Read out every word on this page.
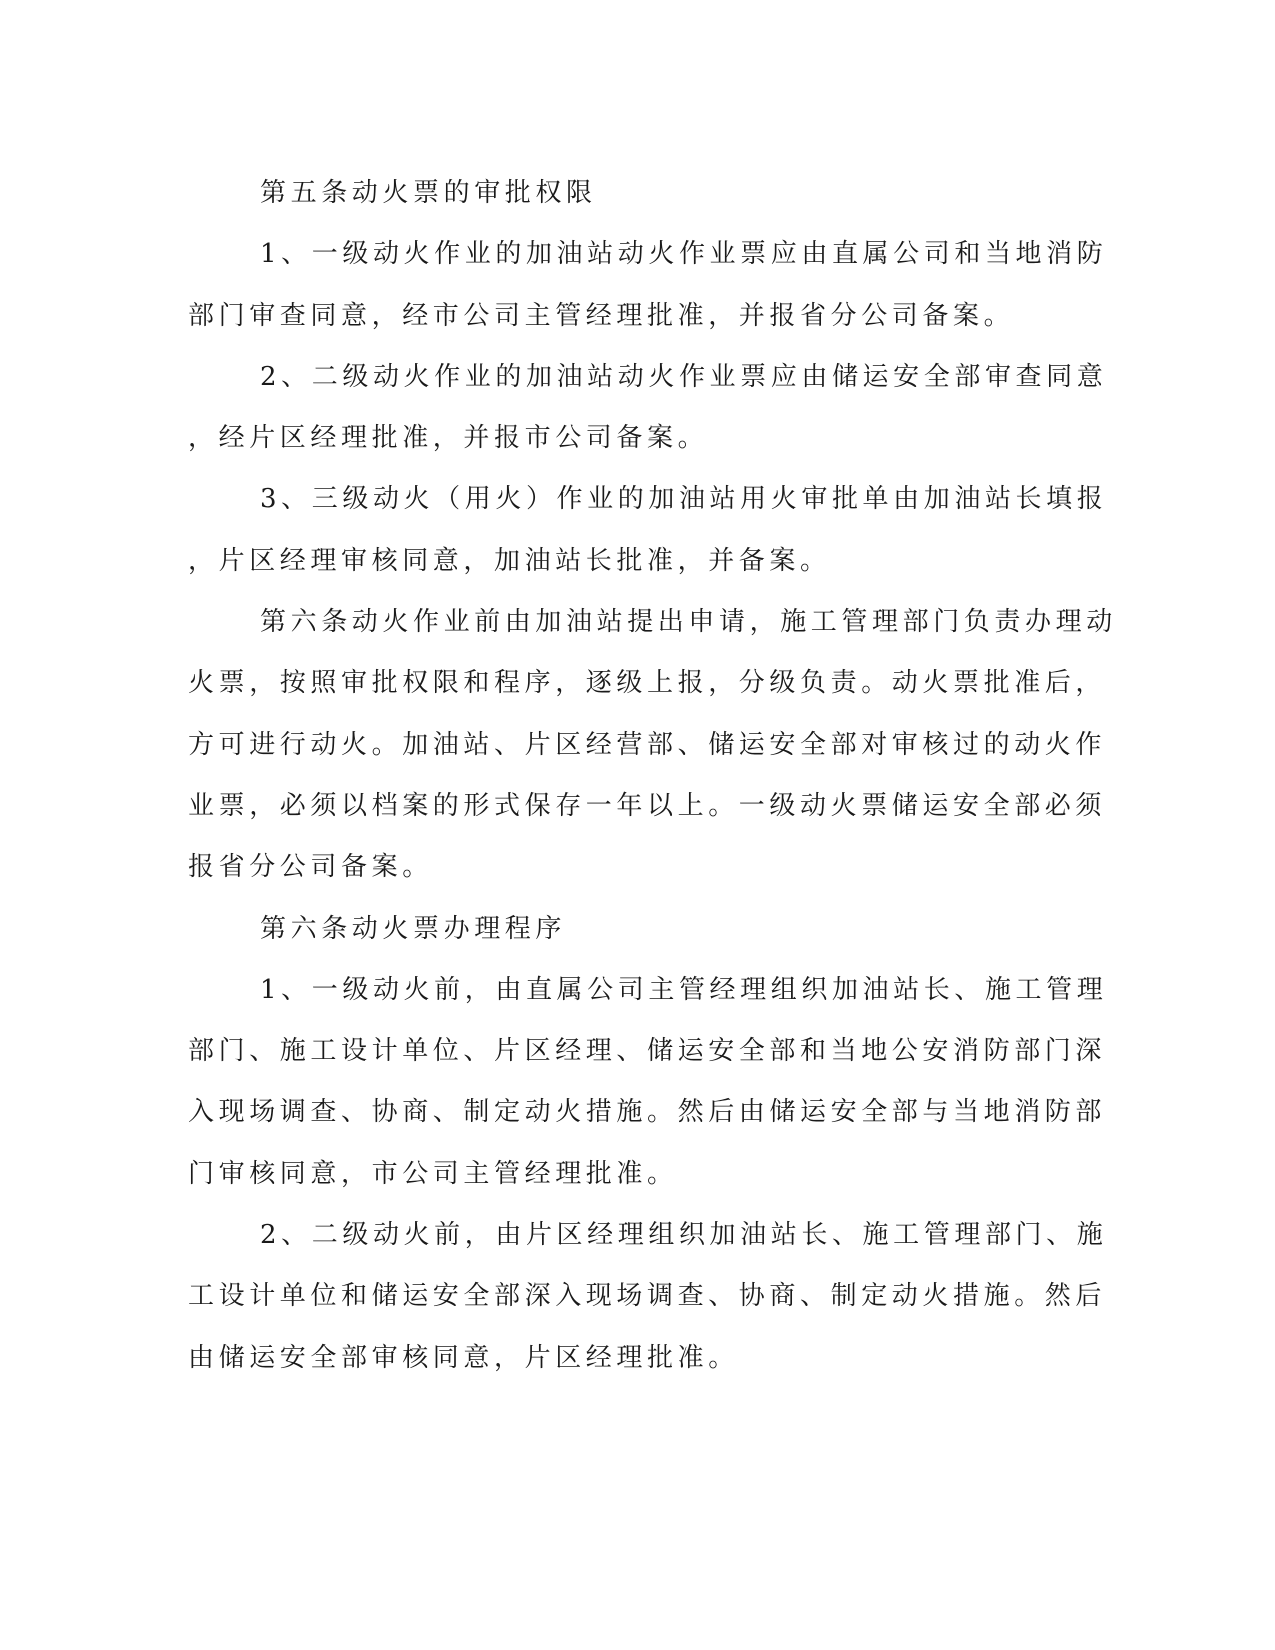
第五条动火票的审批权限
1、一级动火作业的加油站动火作业票应由直属公司和当地消防
部门审查同意，经市公司主管经理批准，并报省分公司备案。
2、二级动火作业的加油站动火作业票应由储运安全部审查同意
，经片区经理批准，并报市公司备案。
3、三级动火（用火）作业的加油站用火审批单由加油站长填报
，片区经理审核同意，加油站长批准，并备案。
第六条动火作业前由加油站提出申请，施工管理部门负责办理动
火票，按照审批权限和程序，逐级上报，分级负责。动火票批准后，
方可进行动火。加油站、片区经营部、储运安全部对审核过的动火作
业票，必须以档案的形式保存一年以上。一级动火票储运安全部必须
报省分公司备案。
第六条动火票办理程序
1、一级动火前，由直属公司主管经理组织加油站长、施工管理
部门、施工设计单位、片区经理、储运安全部和当地公安消防部门深
入现场调查、协商、制定动火措施。然后由储运安全部与当地消防部
门审核同意，市公司主管经理批准。
2、二级动火前，由片区经理组织加油站长、施工管理部门、施
工设计单位和储运安全部深入现场调查、协商、制定动火措施。然后
由储运安全部审核同意，片区经理批准。
